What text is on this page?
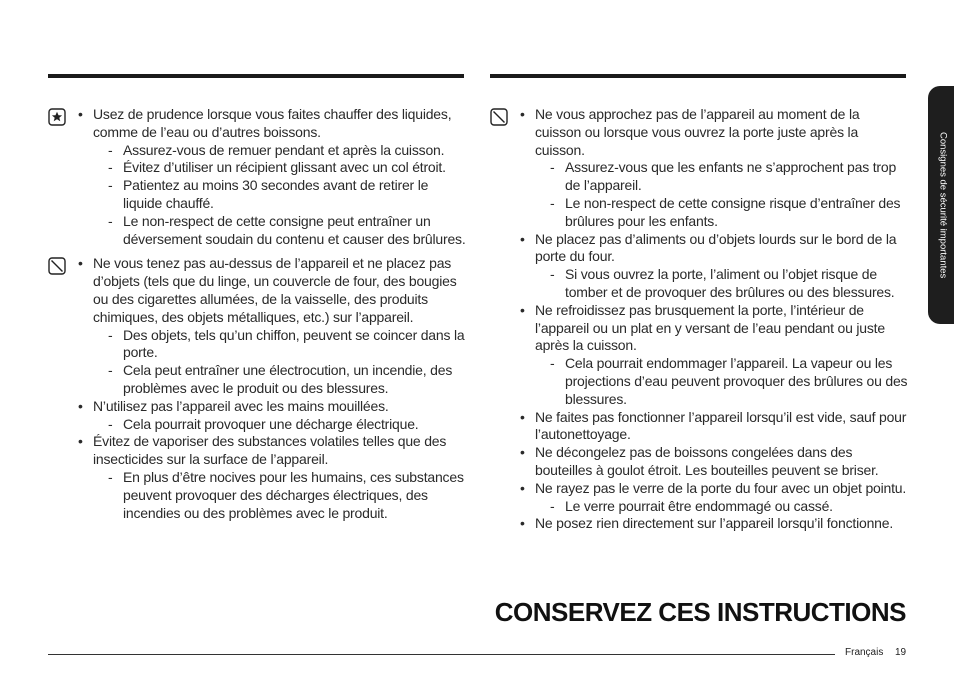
• Usez de prudence lorsque vous faites chauffer des liquides, comme de l’eau ou d’autres boissons.
- Assurez-vous de remuer pendant et après la cuisson.
- Évitez d’utiliser un récipient glissant avec un col étroit.
- Patientez au moins 30 secondes avant de retirer le liquide chauffé.
- Le non-respect de cette consigne peut entraîner un déversement soudain du contenu et causer des brûlures.
• Ne vous tenez pas au-dessus de l’appareil et ne placez pas d’objets (tels que du linge, un couvercle de four, des bougies ou des cigarettes allumées, de la vaisselle, des produits chimiques, des objets métalliques, etc.) sur l’appareil.
- Des objets, tels qu’un chiffon, peuvent se coincer dans la porte.
- Cela peut entraîner une électrocution, un incendie, des problèmes avec le produit ou des blessures.
• N’utilisez pas l’appareil avec les mains mouillées.
- Cela pourrait provoquer une décharge électrique.
• Évitez de vaporiser des substances volatiles telles que des insecticides sur la surface de l’appareil.
- En plus d’être nocives pour les humains, ces substances peuvent provoquer des décharges électriques, des incendies ou des problèmes avec le produit.
• Ne vous approchez pas de l’appareil au moment de la cuisson ou lorsque vous ouvrez la porte juste après la cuisson.
- Assurez-vous que les enfants ne s’approchent pas trop de l’appareil.
- Le non-respect de cette consigne risque d’entraîner des brûlures pour les enfants.
• Ne placez pas d’aliments ou d’objets lourds sur le bord de la porte du four.
- Si vous ouvrez la porte, l’aliment ou l’objet risque de tomber et de provoquer des brûlures ou des blessures.
• Ne refroidissez pas brusquement la porte, l’intérieur de l’appareil ou un plat en y versant de l’eau pendant ou juste après la cuisson.
- Cela pourrait endommager l’appareil. La vapeur ou les projections d’eau peuvent provoquer des brûlures ou des blessures.
• Ne faites pas fonctionner l’appareil lorsqu’il est vide, sauf pour l’autonettoyage.
• Ne décongelez pas de boissons congelées dans des bouteilles à goulot étroit. Les bouteilles peuvent se briser.
• Ne rayez pas le verre de la porte du four avec un objet pointu.
- Le verre pourrait être endommagé ou cassé.
• Ne posez rien directement sur l’appareil lorsqu’il fonctionne.
Consignes de sécurité importantes
CONSERVEZ CES INSTRUCTIONS
Français 19
